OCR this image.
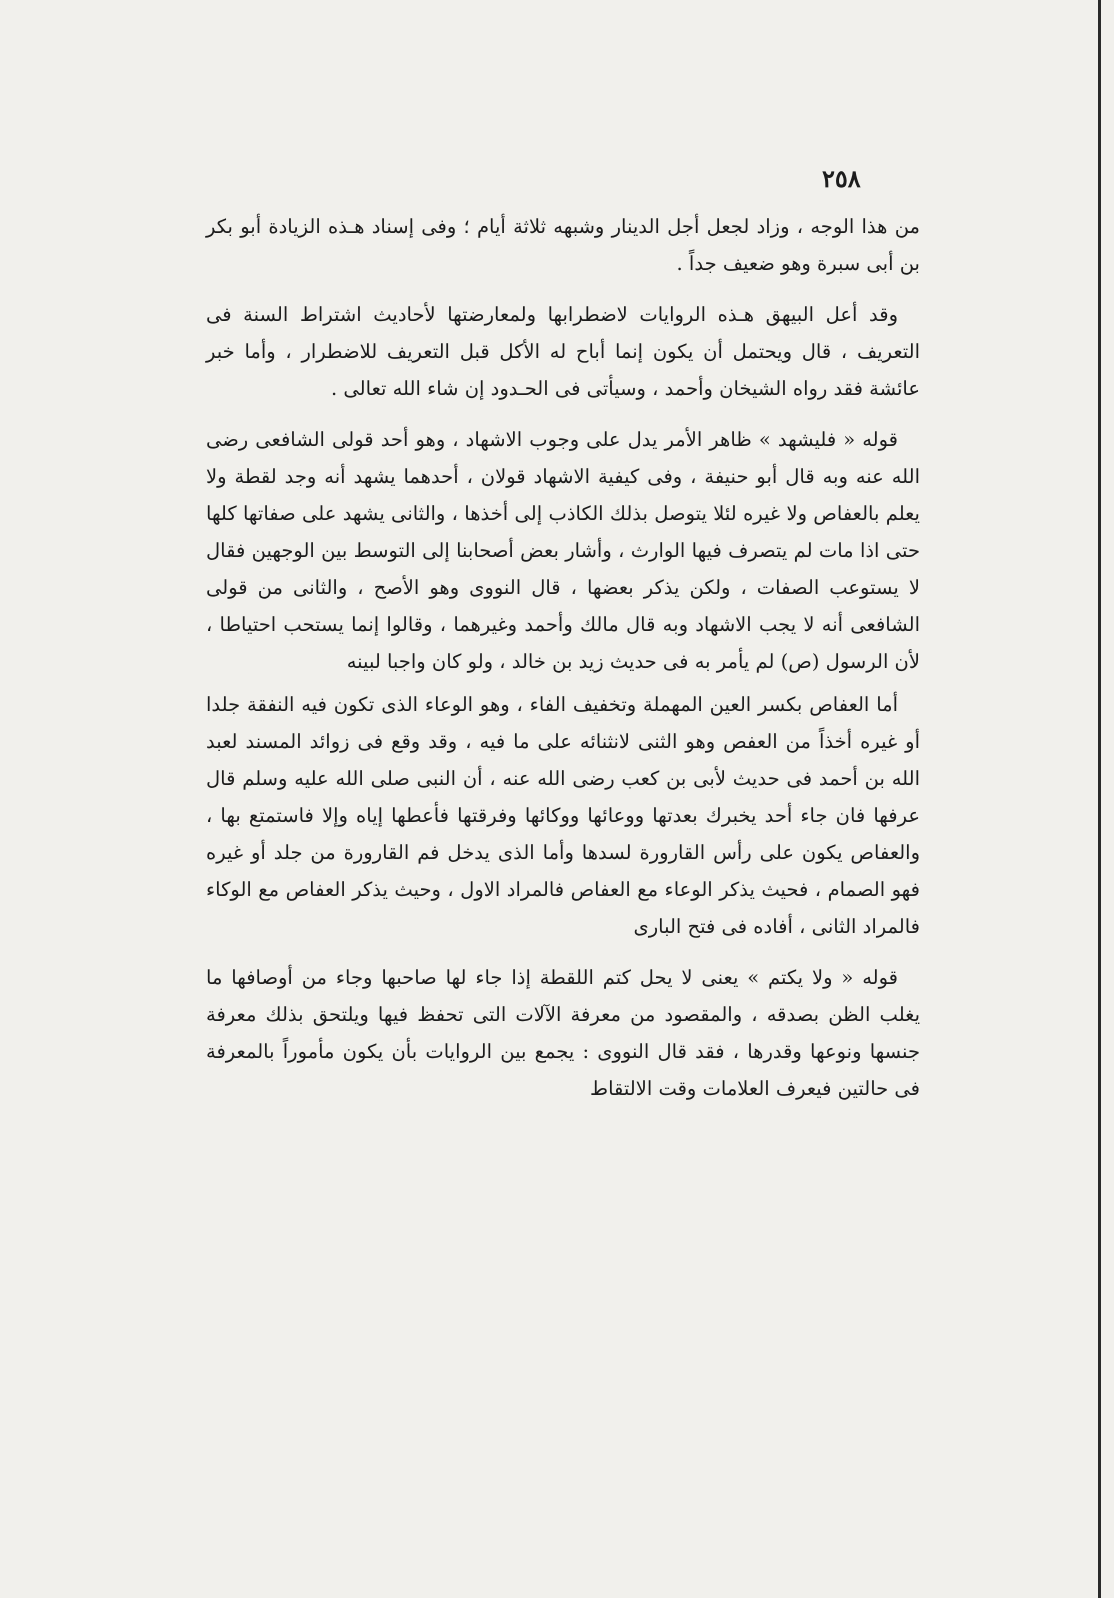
٢٥٨

من هذا الوجه ، وزاد لجعل أجل الدينار وشبهه ثلاثة أيام ؛ وفى إسناد هـذه الزيادة أبو بكر بن أبى سبرة وهو ضعيف جداً .

وقد أعل البيهق هـذه الروايات لاضطرابها ولمعارضتها لأحاديث اشتراط السنة فى التعريف ، قال ويحتمل أن يكون إنما أباح له الأكل قبل التعريف للاضطرار ، وأما خبر عائشة فقد رواه الشيخان وأحمد ، وسيأتى فى الحـدود إن شاء الله تعالى .

قوله « فليشهد » ظاهر الأمر يدل على وجوب الاشهاد ، وهو أحد قولى الشافعى رضى الله عنه وبه قال أبو حنيفة ، وفى كيفية الاشهاد قولان ، أحدهما يشهد أنه وجد لقطة ولا يعلم بالعفاص ولا غيره لئلا يتوصل بذلك الكاذب إلى أخذها ، والثانى يشهد على صفاتها كلها حتى اذا مات لم يتصرف فيها الوارث ، وأشار بعض أصحابنا إلى التوسط بين الوجهين فقال لا يستوعب الصفات ، ولكن يذكر بعضها ، قال النووى وهو الأصح ، والثانى من قولى الشافعى أنه لا يجب الاشهاد وبه قال مالك وأحمد وغيرهما ، وقالوا إنما يستحب احتياطا ، لأن الرسول (ص) لم يأمر به فى حديث زيد بن خالد ، ولو كان واجبا لبينه

أما العفاص بكسر العين المهملة وتخفيف الفاء ، وهو الوعاء الذى تكون فيه النفقة جلدا أو غيره أخذاً من العفص وهو الثنى لانثنائه على ما فيه ، وقد وقع فى زوائد المسند لعبد الله بن أحمد فى حديث لأبى بن كعب رضى الله عنه ، أن النبى صلى الله عليه وسلم قال عرفها فان جاء أحد يخبرك بعدتها ووعائها ووكائها وفرقتها فأعطها إياه وإلا فاستمتع بها ، والعفاص يكون على رأس القارورة لسدها وأما الذى يدخل فم القارورة من جلد أو غيره فهو الصمام ، فحيث يذكر الوعاء مع العفاص فالمراد الاول ، وحيث يذكر العفاص مع الوكاء فالمراد الثانى ، أفاده فى فتح البارى

قوله « ولا يكتم » يعنى لا يحل كتم اللقطة إذا جاء لها صاحبها وجاء من أوصافها ما يغلب الظن بصدقه ، والمقصود من معرفة الآلات التى تحفظ فيها ويلتحق بذلك معرفة جنسها ونوعها وقدرها ، فقد قال النووى : يجمع بين الروايات بأن يكون مأموراً بالمعرفة فى حالتين فيعرف العلامات وقت الالتقاط
